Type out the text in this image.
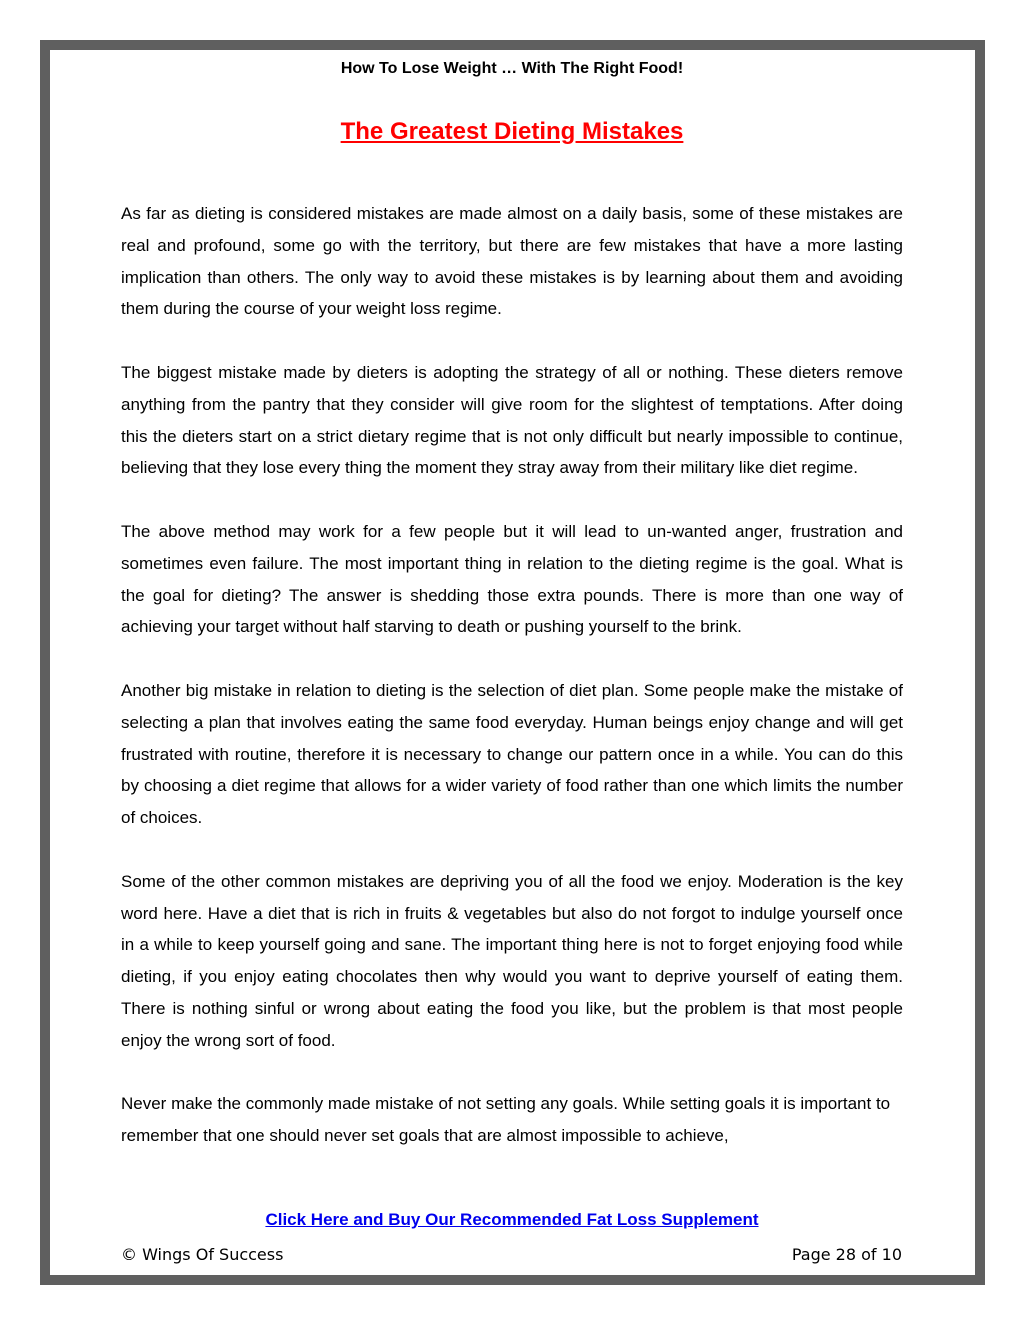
How To Lose Weight … With The Right Food!
The Greatest Dieting Mistakes

As far as dieting is considered mistakes are made almost on a daily basis, some of these mistakes are real and profound, some go with the territory, but there are few mistakes that have a more lasting implication than others. The only way to avoid these mistakes is by learning about them and avoiding them during the course of your weight loss regime.

The biggest mistake made by dieters is adopting the strategy of all or nothing. These dieters remove anything from the pantry that they consider will give room for the slightest of temptations. After doing this the dieters start on a strict dietary regime that is not only difficult but nearly impossible to continue, believing that they lose every thing the moment they stray away from their military like diet regime.

The above method may work for a few people but it will lead to un-wanted anger, frustration and sometimes even failure. The most important thing in relation to the dieting regime is the goal. What is the goal for dieting? The answer is shedding those extra pounds. There is more than one way of achieving your target without half starving to death or pushing yourself to the brink.

Another big mistake in relation to dieting is the selection of diet plan. Some people make the mistake of selecting a plan that involves eating the same food everyday. Human beings enjoy change and will get frustrated with routine, therefore it is necessary to change our pattern once in a while. You can do this by choosing a diet regime that allows for a wider variety of food rather than one which limits the number of choices.

Some of the other common mistakes are depriving you of all the food we enjoy. Moderation is the key word here. Have a diet that is rich in fruits & vegetables but also do not forgot to indulge yourself once in a while to keep yourself going and sane. The important thing here is not to forget enjoying food while dieting, if you enjoy eating chocolates then why would you want to deprive yourself of eating them. There is nothing sinful or wrong about eating the food you like, but the problem is that most people enjoy the wrong sort of food.

Never make the commonly made mistake of not setting any goals. While setting goals it is important to remember that one should never set goals that are almost impossible to achieve,

Click Here and Buy Our Recommended Fat Loss Supplement
© Wings Of Success	Page 28 of 10
